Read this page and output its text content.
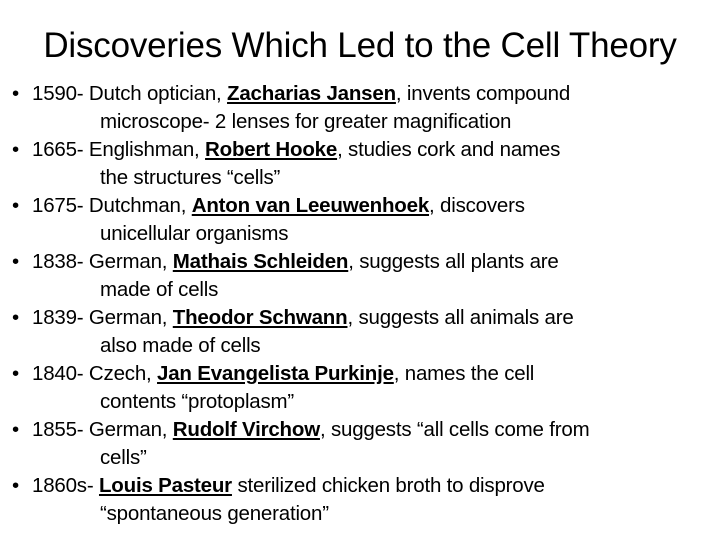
Discoveries Which Led to the Cell Theory
• 1590- Dutch optician, Zacharias Jansen, invents compound
microscope- 2 lenses for greater magnification
• 1665- Englishman, Robert Hooke, studies cork and names
the structures “cells”
• 1675- Dutchman, Anton van Leeuwenhoek, discovers
unicellular organisms
• 1838- German, Mathais Schleiden, suggests all plants are
made of cells
• 1839- German, Theodor Schwann, suggests all animals are
also made of cells
• 1840- Czech, Jan Evangelista Purkinje, names the cell
contents “protoplasm”
• 1855- German, Rudolf Virchow, suggests “all cells come from
cells”
• 1860s- Louis Pasteur sterilized chicken broth to disprove
“spontaneous generation”
